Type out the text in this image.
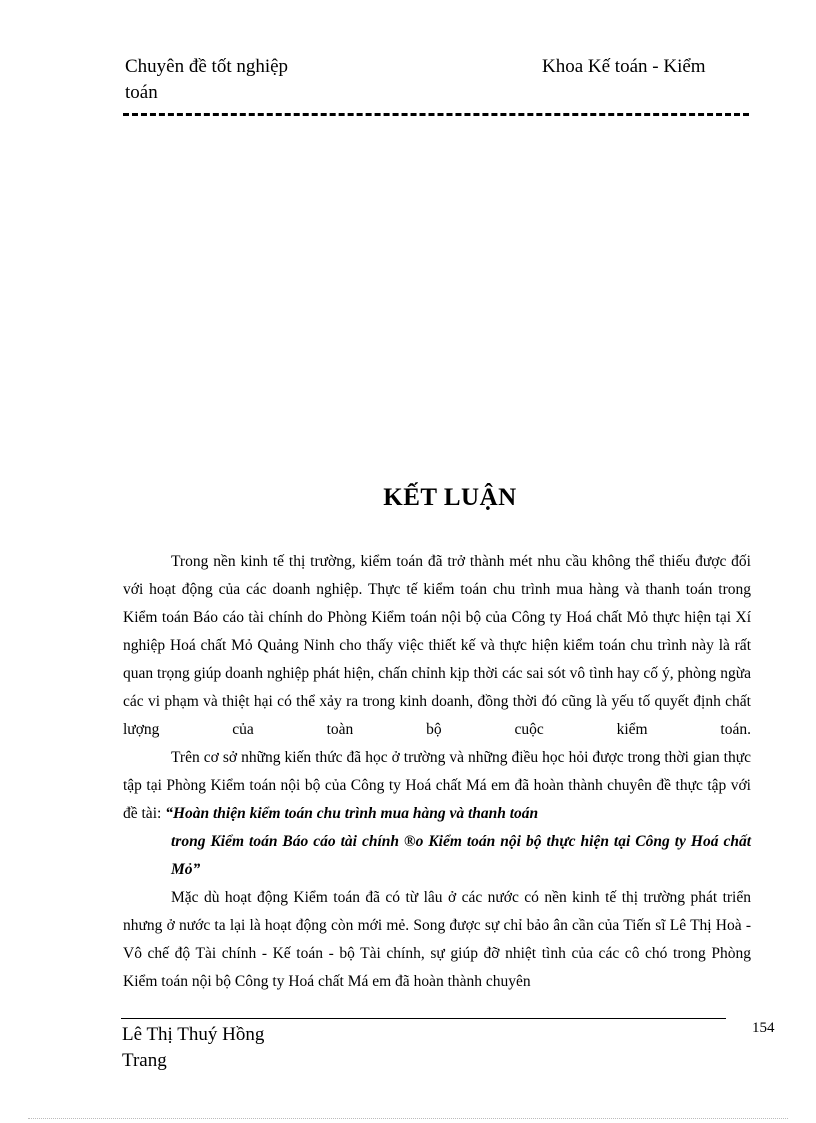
Chuyên đề tốt nghiệp
toán
Khoa Kế toán - Kiểm
KẾT LUẬN

Trong nền kinh tế thị trường, kiểm toán đã trở thành mét nhu cầu không thể thiếu được đối với hoạt động của các doanh nghiệp. Thực tế kiểm toán chu trình mua hàng và thanh toán trong Kiểm toán Báo cáo tài chính do Phòng Kiểm toán nội bộ của Công ty Hoá chất Mỏ thực hiện tại Xí nghiệp Hoá chất Mỏ Quảng Ninh cho thấy việc thiết kế và thực hiện kiểm toán chu trình này là rất quan trọng giúp doanh nghiệp phát hiện, chấn chỉnh kịp thời các sai sót vô tình hay cố ý, phòng ngừa các vi phạm và thiệt hại có thể xảy ra trong kinh doanh, đồng thời đó cũng là yếu tố quyết định chất lượng của toàn bộ cuộc kiểm toán.

Trên cơ sở những kiến thức đã học ở trường và những điều học hỏi được trong thời gian thực tập tại Phòng Kiểm toán nội bộ của Công ty Hoá chất Má em đã hoàn thành chuyên đề thực tập với đề tài: “Hoàn thiện kiểm toán chu trình mua hàng và thanh toán

trong Kiểm toán Báo cáo tài chính ®o Kiểm toán nội bộ thực hiện tại Công ty Hoá chất Mỏ”

Mặc dù hoạt động Kiểm toán đã có từ lâu ở các nước có nền kinh tế thị trường phát triển nhưng ở nước ta lại là hoạt động còn mới mẻ. Song được sự chỉ bảo ân cần của Tiến sĩ Lê Thị Hoà - Vô chế độ Tài chính - Kế toán - bộ Tài chính, sự giúp đỡ nhiệt tình của các cô chó trong Phòng Kiểm toán nội bộ Công ty Hoá chất Má em đã hoàn thành chuyên

Lê Thị Thuý Hồng
Trang
154
